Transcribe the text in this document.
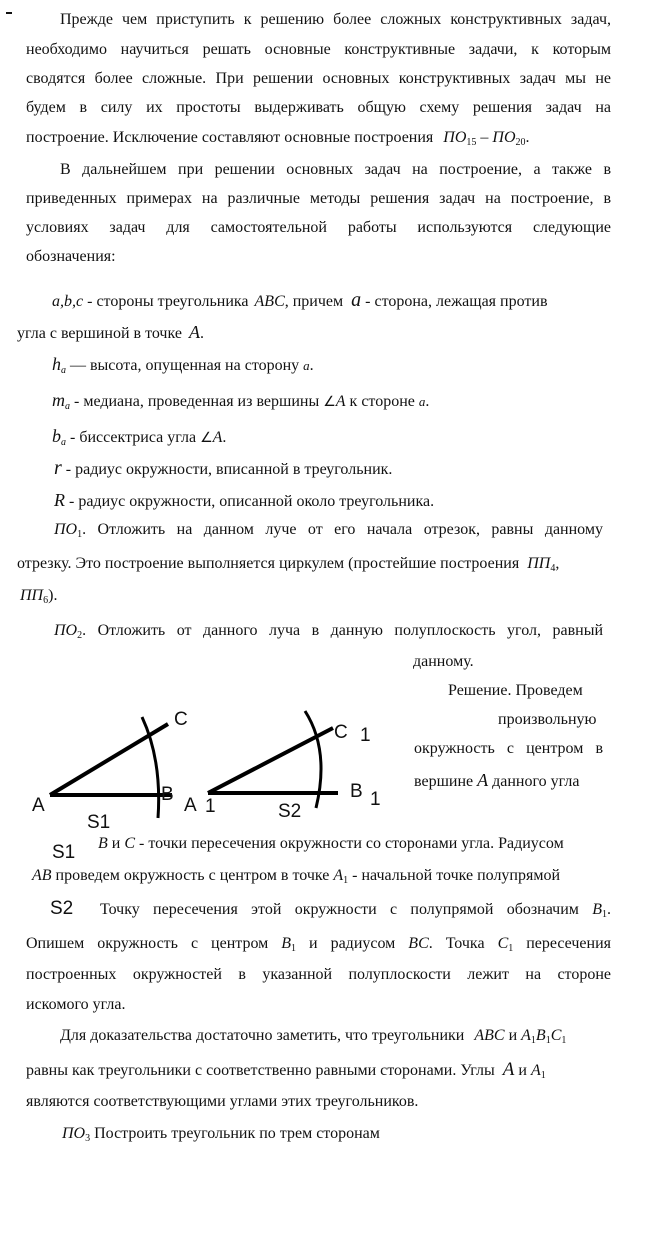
Прежде чем приступить к решению более сложных конструктивных задач,
необходимо научиться решать основные конструктивные задачи, к которым
сводятся более сложные. При решении основных конструктивных задач мы не
будем в силу их простоты выдерживать общую схему решения задач на
построение. Исключение составляют основные построения $ПО_{15} - ПО_{20}$.
В дальнейшем при решении основных задач на построение, а также в
приведенных примерах на различные методы решения задач на построение, в
условиях задач для самостоятельной работы используются следующие
обозначения:
a,b,c - стороны треугольника ABC, причем a - сторона, лежащая против
угла с вершиной в точке A.
$h_a$ — высота, опущенная на сторону a.
$m_a$ - медиана, проведенная из вершины ∠A к стороне a.
$b_a$ - биссектриса угла ∠A.
r - радиус окружности, вписанной в треугольник.
R - радиус окружности, описанной около треугольника.
$ПО_1$. Отложить на данном луче от его начала отрезок, равны данному
отрезку. Это построение выполняется циркулем (простейшие построения $ПП_4$,
$ПП_6$).
$ПО_2$. Отложить от данного луча в данную полуплоскость угол, равный
данному.
Решение. Проведем
произвольную
окружность с центром в
вершине A данного угла
C
A
B
S1
C 1
A 1
B 1
S2
S1
S2
B и C - точки пересечения окружности со сторонами угла. Радиусом
AB проведем окружность с центром в точке $A_1$ - начальной точке полупрямой
Точку пересечения этой окружности с полупрямой обозначим $B_1$.
Опишем окружность с центром $B_1$ и радиусом BC. Точка $C_1$ пересечения
построенных окружностей в указанной полуплоскости лежит на стороне
искомого угла.
Для доказательства достаточно заметить, что треугольники ABC и $A_1B_1C_1$
равны как треугольники с соответственно равными сторонами. Углы A и $A_1$
являются соответствующими углами этих треугольников.
$ПО_3$ Построить треугольник по трем сторонам
